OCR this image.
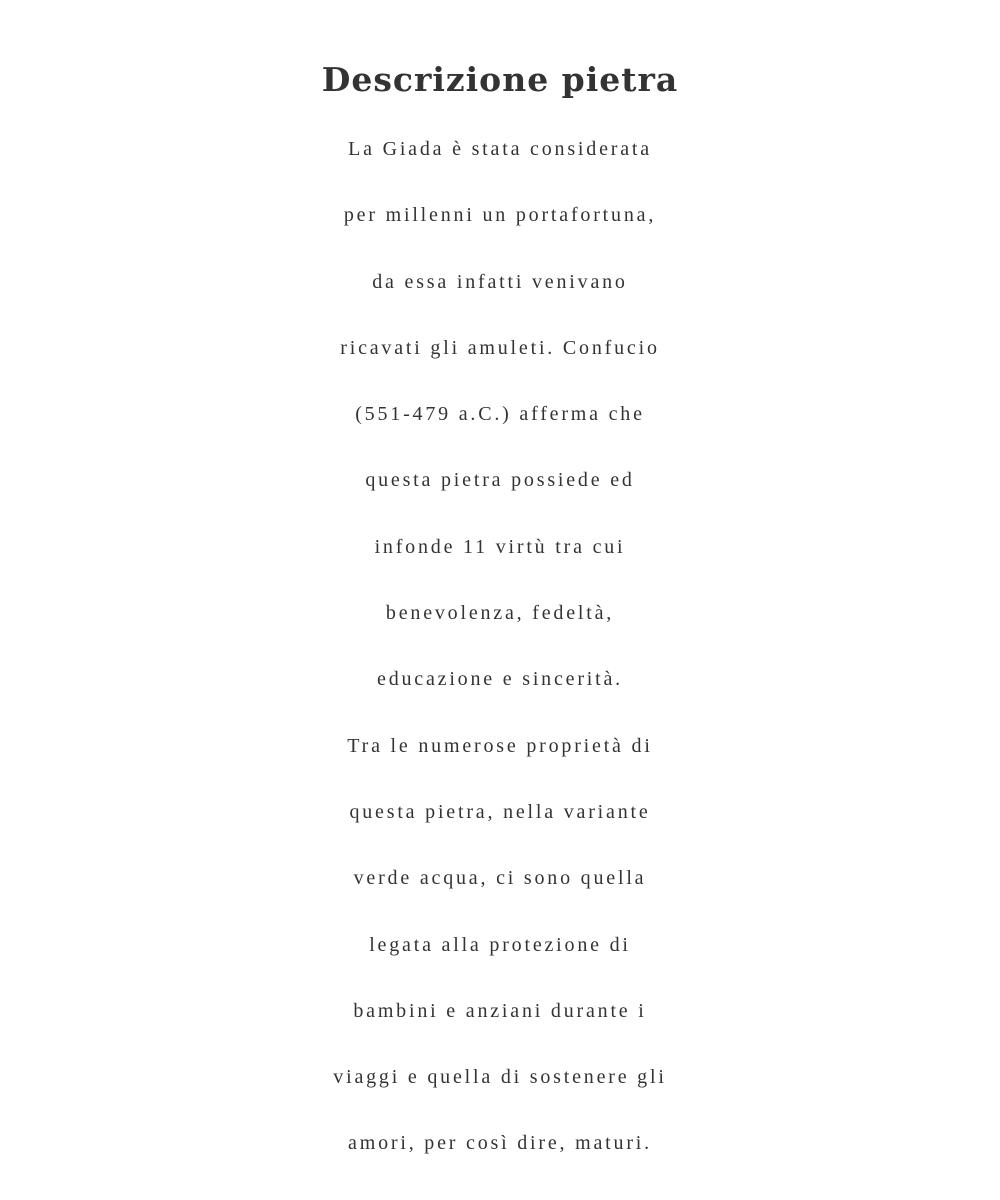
Descrizione pietra

La Giada è stata considerata
per millenni un portafortuna,
da essa infatti venivano
ricavati gli amuleti. Confucio
(551-479 a.C.) afferma che
questa pietra possiede ed
infonde 11 virtù tra cui
benevolenza, fedeltà,
educazione e sincerità.
Tra le numerose proprietà di
questa pietra, nella variante
verde acqua, ci sono quella
legata alla protezione di
bambini e anziani durante i
viaggi e quella di sostenere gli
amori, per così dire, maturi.
